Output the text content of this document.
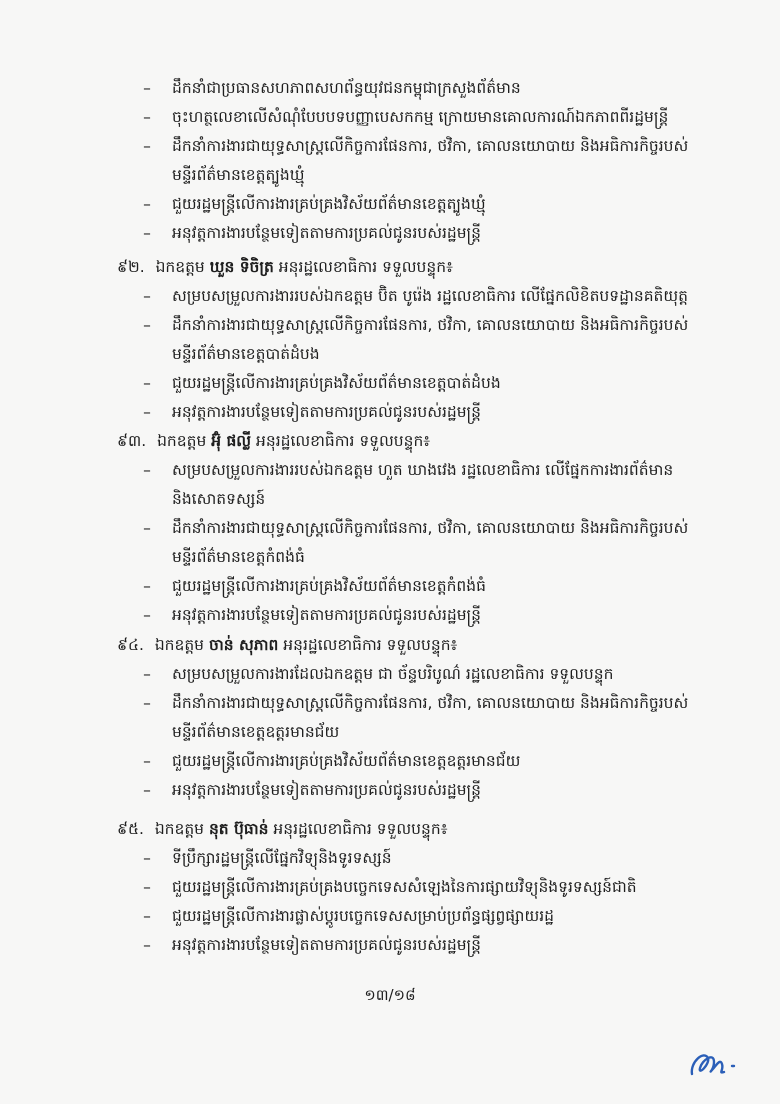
– ដឹកនាំជាប្រធានសហភាពសហព័ន្ធយុវជនកម្ពុជាក្រសួងព័ត៌មាន
– ចុះហត្ថលេខាលើសំណុំបែបបទបញ្ញាបេសកកម្ម ក្រោយមានគោលការណ៍ឯកភាពពីរដ្ឋមន្ត្រី
– ដឹកនាំការងារជាយុទ្ធសាស្ត្រលើកិច្ចការផែនការ, ថវិកា, គោលនយោបាយ និងអធិការកិច្ចរបស់
មន្ទីរព័ត៌មានខេត្តត្បូងឃ្មុំ
– ជួយរដ្ឋមន្ត្រីលើការងារគ្រប់គ្រងវិស័យព័ត៌មានខេត្តត្បូងឃ្មុំ
– អនុវត្តការងារបន្ថែមទៀតតាមការប្រគល់ជូនរបស់រដ្ឋមន្ត្រី
៩២. ឯកឧត្តម ឃួន ទិចិត្រ អនុរដ្ឋលេខាធិការ ទទួលបន្ទុក៖
– សម្របសម្រួលការងាររបស់ឯកឧត្តម ប៊ិត បូរ៉េង រដ្ឋលេខាធិការ លើផ្នែកលិខិតបទដ្ឋានគតិយុត្ត
– ដឹកនាំការងារជាយុទ្ធសាស្ត្រលើកិច្ចការផែនការ, ថវិកា, គោលនយោបាយ និងអធិការកិច្ចរបស់
មន្ទីរព័ត៌មានខេត្តបាត់ដំបង
– ជួយរដ្ឋមន្ត្រីលើការងារគ្រប់គ្រងវិស័យព័ត៌មានខេត្តបាត់ដំបង
– អនុវត្តការងារបន្ថែមទៀតតាមការប្រគល់ជូនរបស់រដ្ឋមន្ត្រី
៩៣. ឯកឧត្តម អ៊ុំ ផល្លី អនុរដ្ឋលេខាធិការ ទទួលបន្ទុក៖
– សម្របសម្រួលការងាររបស់ឯកឧត្តម ហួត ឃាងវេង រដ្ឋលេខាធិការ លើផ្នែកការងារព័ត៌មាន
និងសោតទស្សន៍
– ដឹកនាំការងារជាយុទ្ធសាស្ត្រលើកិច្ចការផែនការ, ថវិកា, គោលនយោបាយ និងអធិការកិច្ចរបស់
មន្ទីរព័ត៌មានខេត្តកំពង់ធំ
– ជួយរដ្ឋមន្ត្រីលើការងារគ្រប់គ្រងវិស័យព័ត៌មានខេត្តកំពង់ធំ
– អនុវត្តការងារបន្ថែមទៀតតាមការប្រគល់ជូនរបស់រដ្ឋមន្ត្រី
៩៤. ឯកឧត្តម ចាន់ សុភាព អនុរដ្ឋលេខាធិការ ទទួលបន្ទុក៖
– សម្របសម្រួលការងារដែលឯកឧត្តម ជា ច័ន្ទបរិបូណ៌ រដ្ឋលេខាធិការ ទទួលបន្ទុក
– ដឹកនាំការងារជាយុទ្ធសាស្ត្រលើកិច្ចការផែនការ, ថវិកា, គោលនយោបាយ និងអធិការកិច្ចរបស់
មន្ទីរព័ត៌មានខេត្តឧត្តរមានជ័យ
– ជួយរដ្ឋមន្ត្រីលើការងារគ្រប់គ្រងវិស័យព័ត៌មានខេត្តឧត្តរមានជ័យ
– អនុវត្តការងារបន្ថែមទៀតតាមការប្រគល់ជូនរបស់រដ្ឋមន្ត្រី
៩៥. ឯកឧត្តម នុត ប៊ុធាន់ អនុរដ្ឋលេខាធិការ ទទួលបន្ទុក៖
– ទីប្រឹក្សារដ្ឋមន្ត្រីលើផ្នែកវិទ្យុនិងទូរទស្សន៍
– ជួយរដ្ឋមន្ត្រីលើការងារគ្រប់គ្រងបច្ចេកទេសសំឡេងនៃការផ្សាយវិទ្យុនិងទូរទស្សន៍ជាតិ
– ជួយរដ្ឋមន្ត្រីលើការងារផ្លាស់ប្តូរបច្ចេកទេសសម្រាប់ប្រព័ន្ធផ្សព្វផ្សាយរដ្ឋ
– អនុវត្តការងារបន្ថែមទៀតតាមការប្រគល់ជូនរបស់រដ្ឋមន្ត្រី
១៣/១៨
